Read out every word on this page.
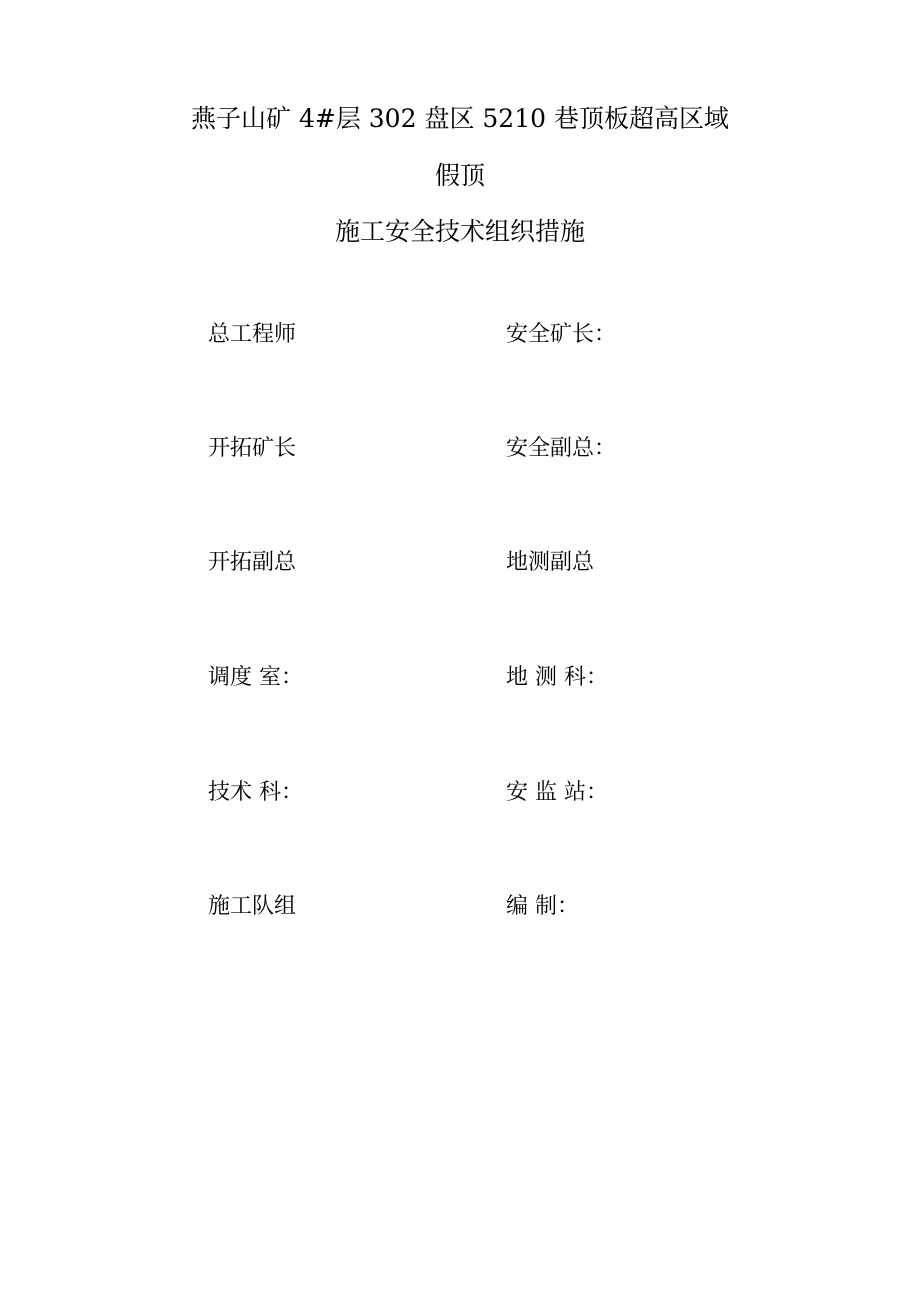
燕子山矿 4#层 302 盘区 5210 巷顶板超高区域
假顶
施工安全技术组织措施
总工程师	安全矿长：
开拓矿长	安全副总：
开拓副总	地测副总
调度 室：	地 测 科：
技术 科：	安 监 站：
施工队组	编 制：
